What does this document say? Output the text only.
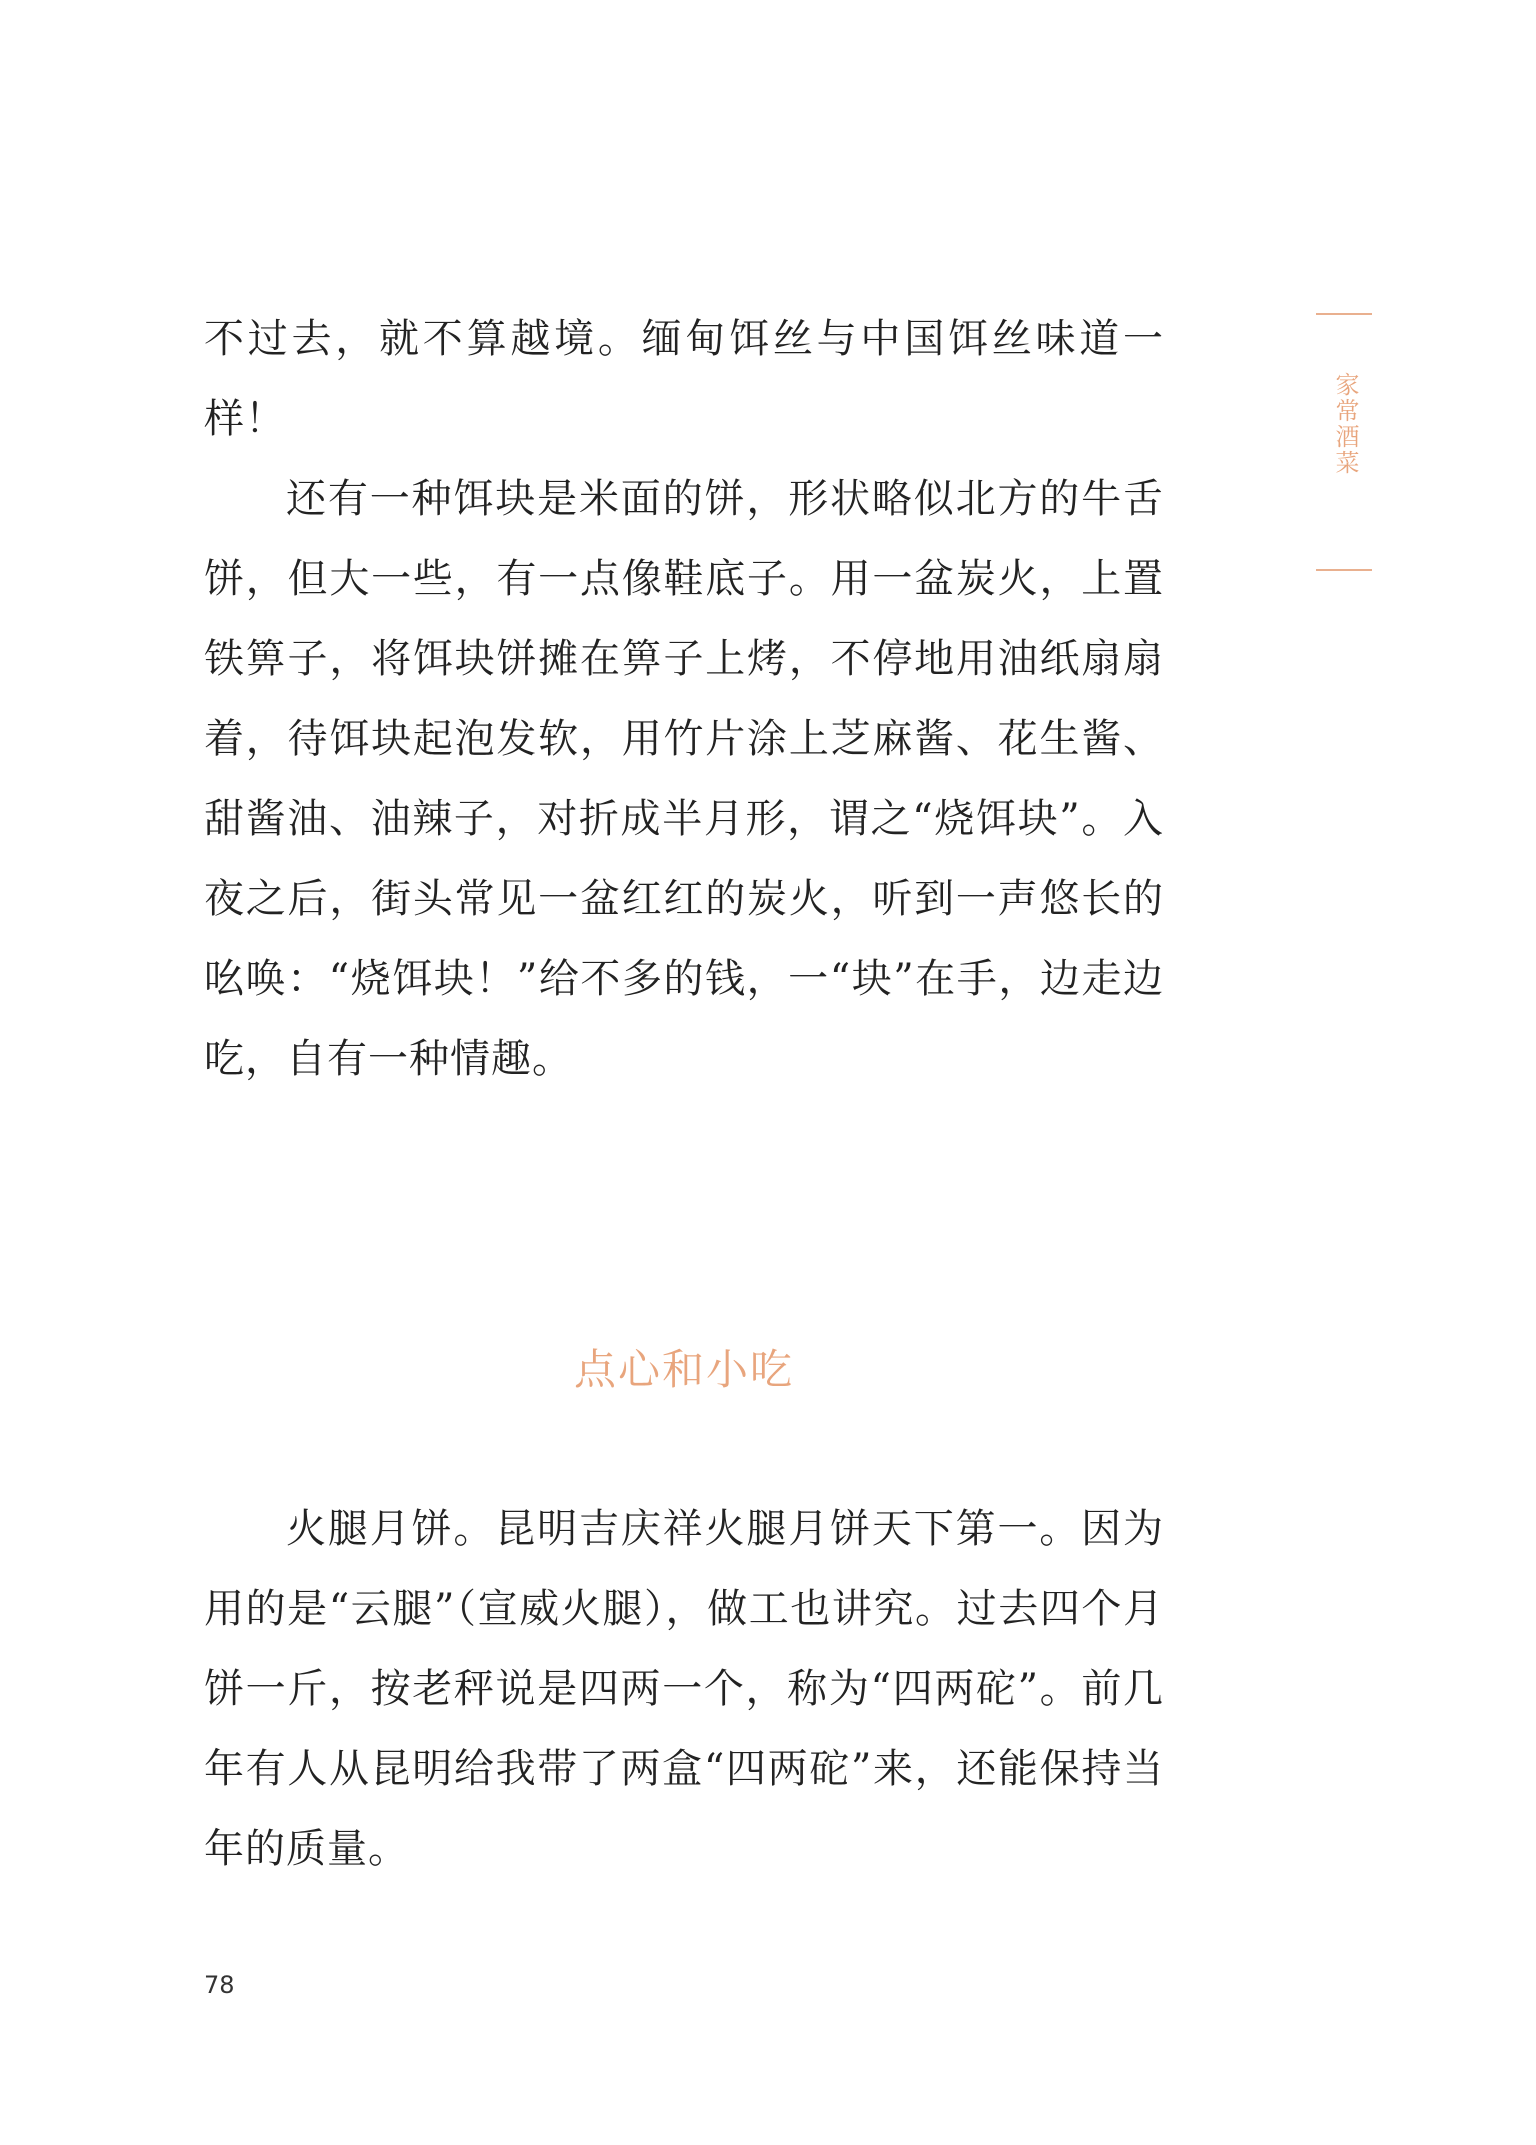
家常酒菜

不过去，就不算越境。缅甸饵丝与中国饵丝味道一样！

还有一种饵块是米面的饼，形状略似北方的牛舌饼，但大一些，有一点像鞋底子。用一盆炭火，上置铁箅子，将饵块饼摊在箅子上烤，不停地用油纸扇扇着，待饵块起泡发软，用竹片涂上芝麻酱、花生酱、甜酱油、油辣子，对折成半月形，谓之“烧饵块”。入夜之后，街头常见一盆红红的炭火，听到一声悠长的吆唤：“烧饵块！”给不多的钱，一“块”在手，边走边吃，自有一种情趣。

点心和小吃

火腿月饼。昆明吉庆祥火腿月饼天下第一。因为用的是“云腿”（宣威火腿），做工也讲究。过去四个月饼一斤，按老秤说是四两一个，称为“四两砣”。前几年有人从昆明给我带了两盒“四两砣”来，还能保持当年的质量。

78
